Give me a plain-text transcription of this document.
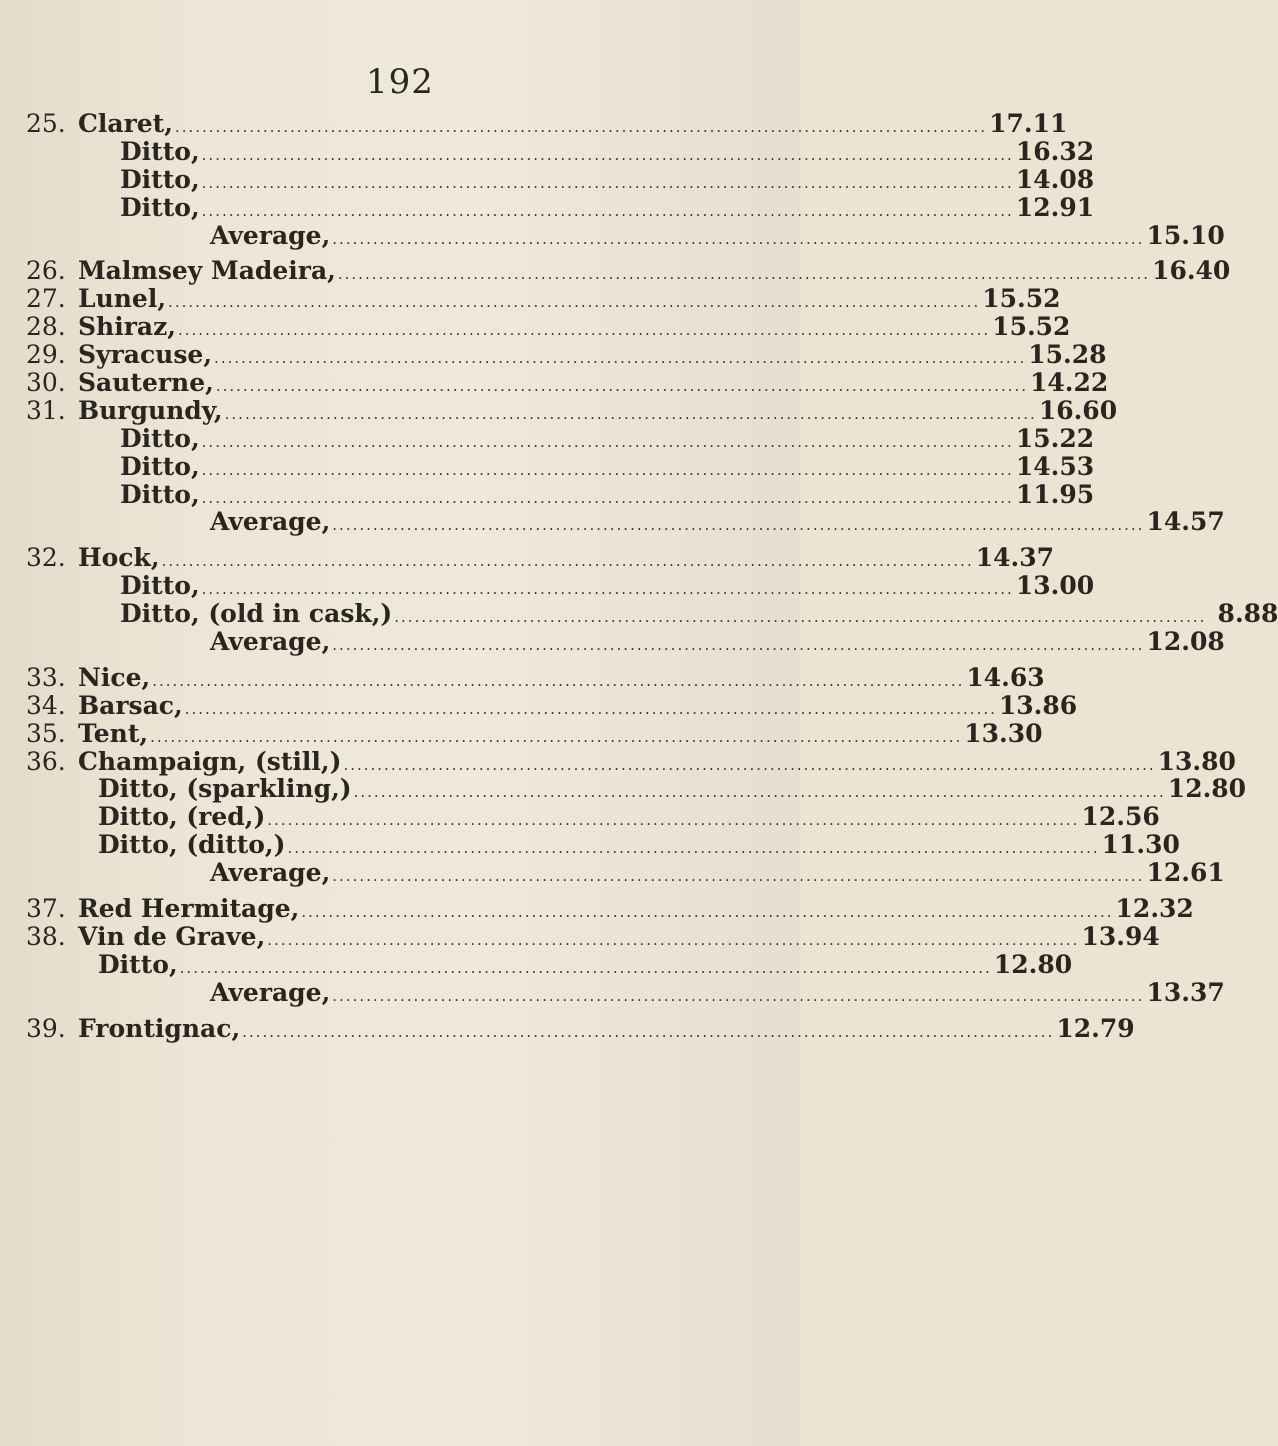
192
25. Claret, ........................................................................................................................ 17.11
Ditto, ........................................................................................................................ 16.32
Ditto, ........................................................................................................................ 14.08
Ditto, ........................................................................................................................ 12.91
Average, ........................................................................................................................ 15.10
26. Malmsey Madeira, ........................................................................................................................ 16.40
27. Lunel, ........................................................................................................................ 15.52
28. Shiraz, ........................................................................................................................ 15.52
29. Syracuse, ........................................................................................................................ 15.28
30. Sauterne, ........................................................................................................................ 14.22
31. Burgundy, ........................................................................................................................ 16.60
Ditto, ........................................................................................................................ 15.22
Ditto, ........................................................................................................................ 14.53
Ditto, ........................................................................................................................ 11.95
Average, ........................................................................................................................ 14.57
32. Hock, ........................................................................................................................ 14.37
Ditto, ........................................................................................................................ 13.00
Ditto, (old in cask,) ........................................................................................................................ 8.88
Average, ........................................................................................................................ 12.08
33. Nice, ........................................................................................................................ 14.63
34. Barsac, ........................................................................................................................ 13.86
35. Tent, ........................................................................................................................ 13.30
36. Champaign, (still,) ........................................................................................................................ 13.80
Ditto, (sparkling,) ........................................................................................................................ 12.80
Ditto, (red,) ........................................................................................................................ 12.56
Ditto, (ditto,) ........................................................................................................................ 11.30
Average, ........................................................................................................................ 12.61
37. Red Hermitage, ........................................................................................................................ 12.32
38. Vin de Grave, ........................................................................................................................ 13.94
Ditto, ........................................................................................................................ 12.80
Average, ........................................................................................................................ 13.37
39. Frontignac, ........................................................................................................................ 12.79
